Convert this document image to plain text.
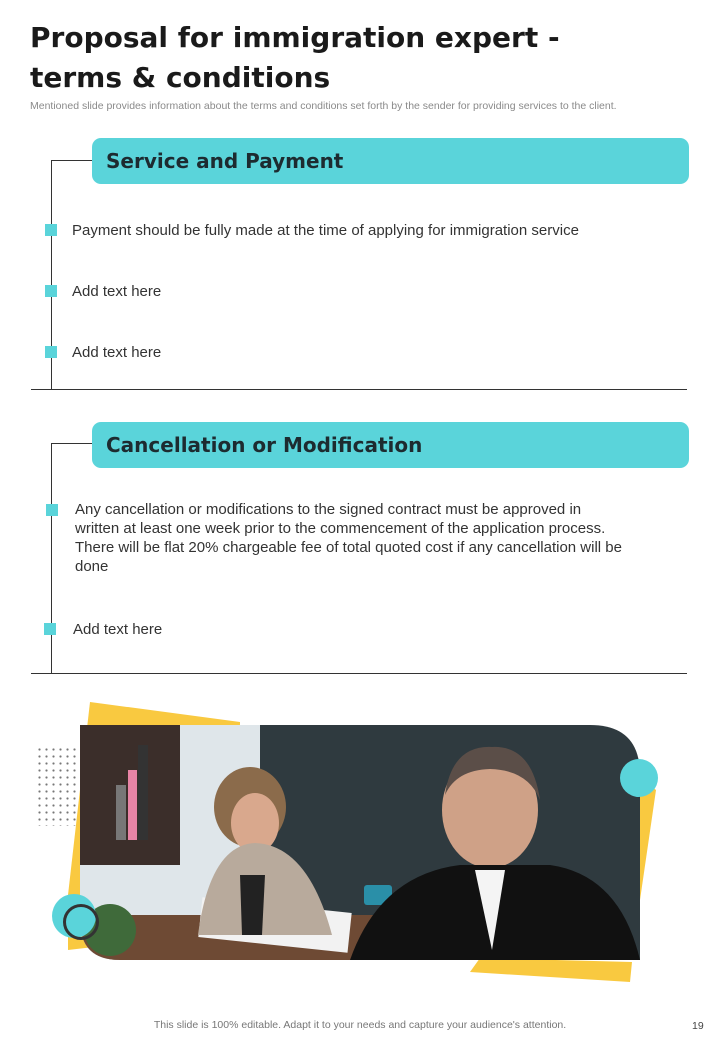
Proposal for immigration expert - terms & conditions
Mentioned slide provides information about the terms and conditions set forth by the sender for providing services to the client.
Service and Payment
Payment should be fully made at the time of applying for immigration service
Add text here
Add text here
Cancellation or Modification
Any cancellation or modifications to the signed contract must be approved in written at least one week prior to the commencement of the application process. There will be flat 20% chargeable fee of total quoted cost if any cancellation will be done
Add text here
This slide is 100% editable. Adapt it to your needs and capture your audience's attention.	19
